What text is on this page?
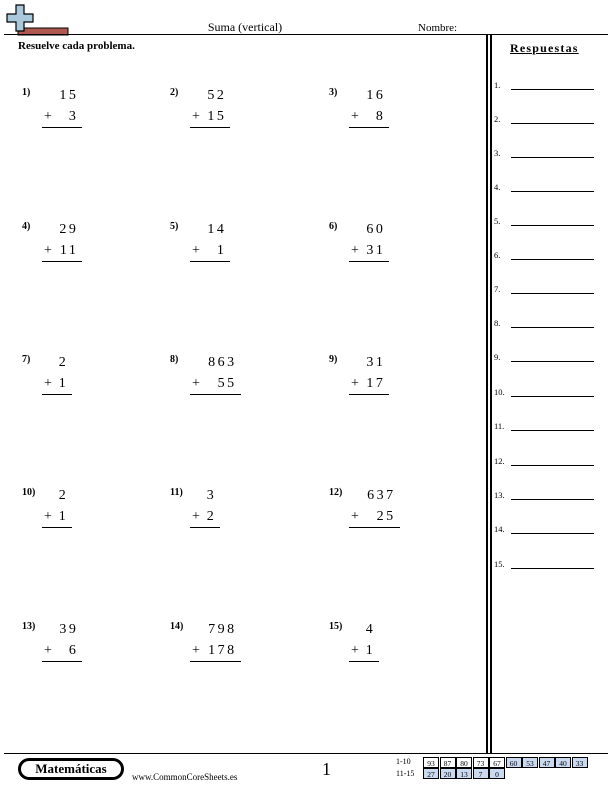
Suma (vertical)	Nombre:
Resuelve cada problema.	Respuestas
1.
2.
3.
4.
5.
6.
7.
8.
9.
10.
11.
12.
13.
14.
15.
1) 15
+ 3
2) 52
+ 15
3) 16
+ 8
4) 29
+ 11
5) 14
+ 1
6) 60
+ 31
7) 2
+ 1
8) 863
+ 55
9) 31
+ 17
10) 2
+ 1
11) 3
+ 2
12) 637
+ 25
13) 39
+ 6
14) 798
+ 178
15) 4
+ 1
Matemáticas
www.CommonCoreSheets.es	1	1-10
11-15
93	87	80	73	67	60	53	47	40	33
27	20	13	7	0
